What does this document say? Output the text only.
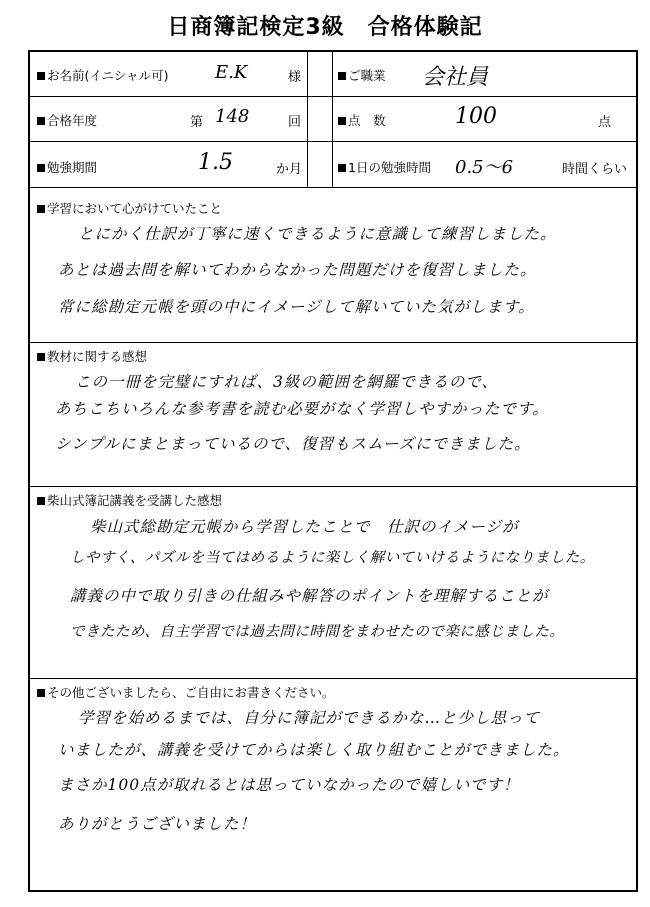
日商簿記検定3級　合格体験記
お名前(イニシャル可)	E.K	様	ご職業 会社員
合格年度	第 148	回	点　数	100	点
勉強期間	1.5	か月	1日の勉強時間 0.5～6	時間くらい
学習において心がけていたこと
とにかく仕訳が丁寧に速くできるように意識して練習しました。
あとは過去問を解いてわからなかった問題だけを復習しました。
常に総勘定元帳を頭の中にイメージして解いていた気がします。
教材に関する感想
この一冊を完璧にすれば、3級の範囲を網羅できるので、
あちこちいろんな参考書を読む必要がなく学習しやすかったです。
シンプルにまとまっているので、復習もスムーズにできました。
柴山式簿記講義を受講した感想
柴山式総勘定元帳から学習したことで　仕訳のイメージが
しやすく、パズルを当てはめるように楽しく解いていけるようになりました。
講義の中で取り引きの仕組みや解答のポイントを理解することが
できたため、自主学習では過去問に時間をまわせたので楽に感じました。
その他ございましたら、ご自由にお書きください。
学習を始めるまでは、自分に簿記ができるかな…と少し思って
いましたが、講義を受けてからは楽しく取り組むことができました。
まさか100点が取れるとは思っていなかったので嬉しいです！
ありがとうございました！
